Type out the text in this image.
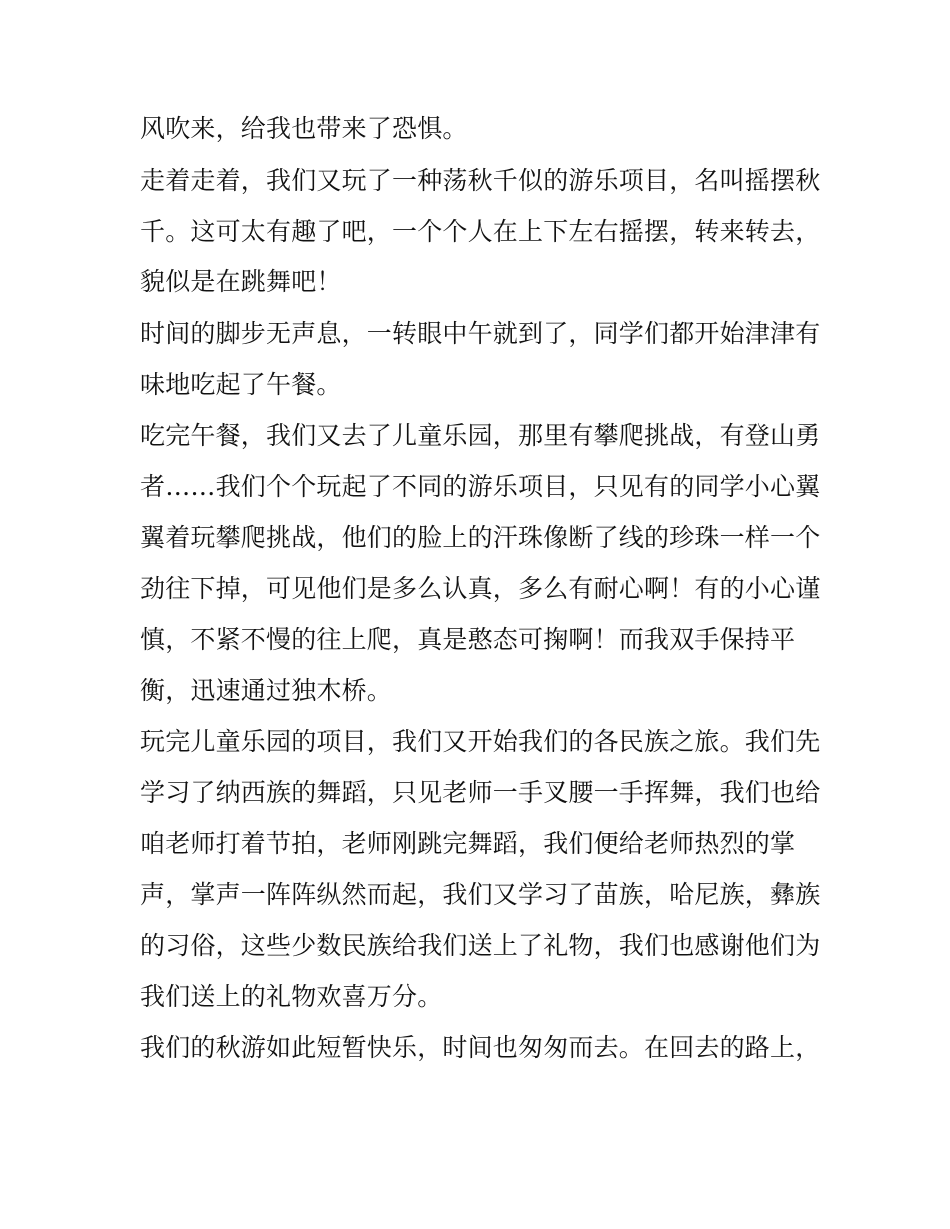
风吹来，给我也带来了恐惧。
走着走着，我们又玩了一种荡秋千似的游乐项目，名叫摇摆秋
千。这可太有趣了吧，一个个人在上下左右摇摆，转来转去，
貌似是在跳舞吧！
时间的脚步无声息，一转眼中午就到了，同学们都开始津津有
味地吃起了午餐。
吃完午餐，我们又去了儿童乐园，那里有攀爬挑战，有登山勇
者……我们个个玩起了不同的游乐项目，只见有的同学小心翼
翼着玩攀爬挑战，他们的脸上的汗珠像断了线的珍珠一样一个
劲往下掉，可见他们是多么认真，多么有耐心啊！有的小心谨
慎，不紧不慢的往上爬，真是憨态可掬啊！而我双手保持平
衡，迅速通过独木桥。
玩完儿童乐园的项目，我们又开始我们的各民族之旅。我们先
学习了纳西族的舞蹈，只见老师一手叉腰一手挥舞，我们也给
咱老师打着节拍，老师刚跳完舞蹈，我们便给老师热烈的掌
声，掌声一阵阵纵然而起，我们又学习了苗族，哈尼族，彝族
的习俗，这些少数民族给我们送上了礼物，我们也感谢他们为
我们送上的礼物欢喜万分。
我们的秋游如此短暂快乐，时间也匆匆而去。在回去的路上，
